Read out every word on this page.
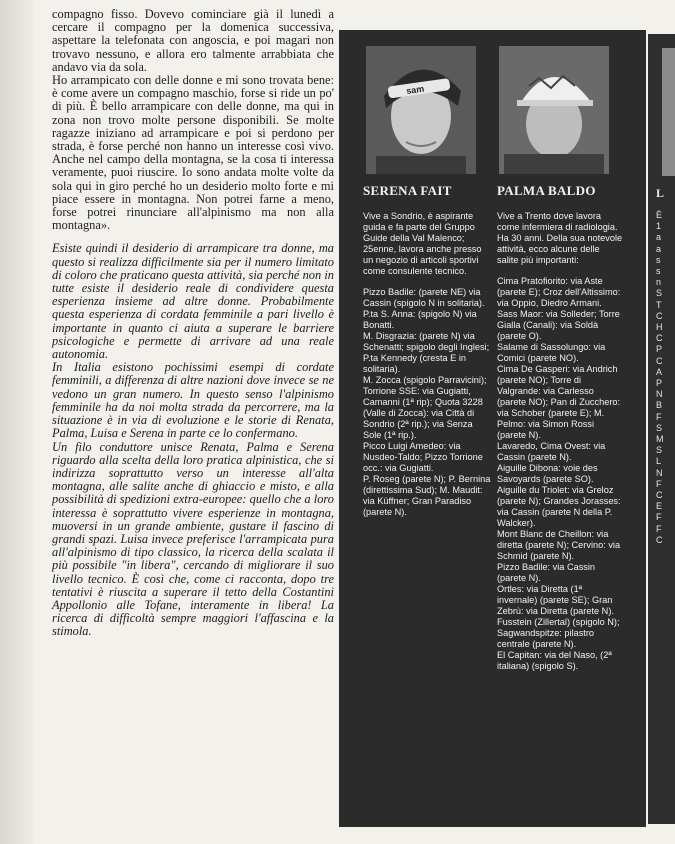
compagno fisso. Dovevo cominciare già il lunedì a cercare il compagno per la domenica successiva, aspettare la telefonata con angoscia, e poi magari non trovavo nessuno, e allora ero talmente arrabbiata che andavo via da sola.
Ho arrampicato con delle donne e mi sono trovata bene: è come avere un compagno maschio, forse si ride un po' di più. È bello arrampicare con delle donne, ma qui in zona non trovo molte persone disponibili. Se molte ragazze iniziano ad arrampicare e poi si perdono per strada, è forse perché non hanno un interesse così vivo. Anche nel campo della montagna, se la cosa ti interessa veramente, puoi riuscire. Io sono andata molte volte da sola qui in giro perché ho un desiderio molto forte e mi piace essere in montagna. Non potrei farne a meno, forse potrei rinunciare all'alpinismo ma non alla montagna».

Esiste quindi il desiderio di arrampicare tra donne, ma questo si realizza difficilmente sia per il numero limitato di coloro che praticano questa attività, sia perché non in tutte esiste il desiderio reale di condividere questa esperienza insieme ad altre donne. Probabilmente questa esperienza di cordata femminile a pari livello è importante in quanto ci aiuta a superare le barriere psicologiche e permette di arrivare ad una reale autonomia.

In Italia esistono pochissimi esempi di cordate femminili, a differenza di altre nazioni dove invece se ne vedono un gran numero. In questo senso l'alpinismo femminile ha da noi molta strada da percorrere, ma la situazione è in via di evoluzione e le storie di Renata, Palma, Luisa e Serena in parte ce lo confermano.

Un filo conduttore unisce Renata, Palma e Serena riguardo alla scelta della loro pratica alpinistica, che si indirizza soprattutto verso un interesse all'alta montagna, alle salite anche di ghiaccio e misto, e alla possibilità di spedizioni extra-europee: quello che a loro interessa è soprattutto vivere esperienze in montagna, muoversi in un grande ambiente, gustare il fascino di grandi spazi. Luisa invece preferisce l'arrampicata pura all'alpinismo di tipo classico, la ricerca della scalata il più possibile "in libera", cercando di migliorare il suo livello tecnico. È così che, come ci racconta, dopo tre tentativi è riuscita a superare il tetto della Costantini Appollonio alle Tofane, interamente in libera! La ricerca di difficoltà sempre maggiori l'affascina e la stimola.

sam

SERENA FAIT

Vive a Sondrio, è aspirante guida e fa parte del Gruppo Guide della Val Malenco; 25enne, lavora anche presso un negozio di articoli sportivi come consulente tecnico.

Pizzo Badile: (parete NE) via Cassin (spigolo N in solitaria).
P.ta S. Anna: (spigolo N) via Bonatti.
M. Disgrazia: (parete N) via Schenatti; spigolo degli Inglesi; P.ta Kennedy (cresta E in solitaria).
M. Zocca (spigolo Parravicini); Torrione SSE: via Gugiatti, Camanni (1ª rip); Quota 3228 (Valle di Zocca): via Città di Sondrio (2ª rip.); via Senza Sole (1ª rip.).
Picco Luigi Amedeo: via Nusdeo-Taldo; Pizzo Torrione occ.: via Gugiatti.
P. Roseg (parete N); P. Bernina (direttissima Sud); M. Maudit: via Küffner; Gran Paradiso (parete N).

PALMA BALDO

Vive a Trento dove lavora come infermiera di radiologia. Ha 30 anni. Della sua notevole attività, ecco alcune delle salite più importanti:

Cima Pratofiorito: via Aste (parete E); Croz dell'Altissimo: via Oppio, Diedro Armani.
Sass Maor: via Solleder; Torre Gialla (Canali): via Soldà (parete O).
Salame di Sassolungo: via Comici (parete NO).
Cima De Gasperi: via Andrich (parete NO); Torre di Valgrande: via Carlesso (parete NO); Pan di Zucchero: via Schober (parete E); M. Pelmo: via Simon Rossi (parete N).
Lavaredo, Cima Ovest: via Cassin (parete N).
Aiguille Dibona: voie des Savoyards (parete SO).
Aiguille du Triolet: via Greloz (parete N); Grandes Jorasses: via Cassin (parete N della P. Walcker).
Mont Blanc de Cheillon: via diretta (parete N); Cervino: via Schmid (parete N).
Pizzo Badile: via Cassin (parete N).
Ortles: via Diretta (1ª invernale) (parete SE); Gran Zebrù: via Diretta (parete N).
Fusstein (Zillertal) (spigolo N);
Sagwandspitze: pilastro centrale (parete N).
El Capitan: via del Naso, (2ª italiana) (spigolo S).

L
È
1
a
a
s
s
n
S
T
C
H
C
P
C
A
P
N
B
F
S
M
S
L
N
F
C
E
F
F
C
